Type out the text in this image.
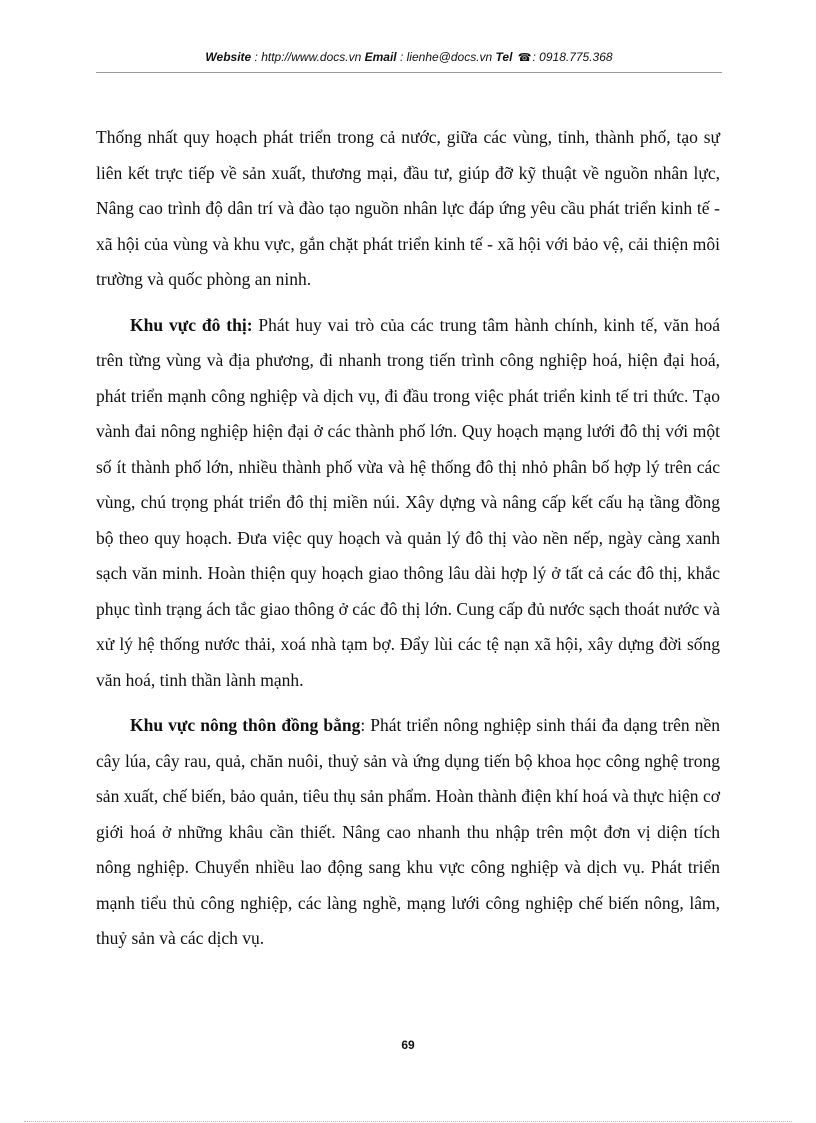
Website : http://www.docs.vn Email : lienhe@docs.vn Tel ☎: 0918.775.368

Thống nhất quy hoạch phát triển trong cả nước, giữa các vùng, tỉnh, thành phố, tạo sự liên kết trực tiếp về sản xuất, thương mại, đầu tư, giúp đỡ kỹ thuật về nguồn nhân lực, Nâng cao trình độ dân trí và đào tạo nguồn nhân lực đáp ứng yêu cầu phát triển kinh tế - xã hội của vùng và khu vực, gắn chặt phát triển kinh tế - xã hội với bảo vệ, cải thiện môi trường và quốc phòng an ninh.

Khu vực đô thị: Phát huy vai trò của các trung tâm hành chính, kinh tế, văn hoá trên từng vùng và địa phương, đi nhanh trong tiến trình công nghiệp hoá, hiện đại hoá, phát triển mạnh công nghiệp và dịch vụ, đi đầu trong việc phát triển kinh tế tri thức. Tạo vành đai nông nghiệp hiện đại ở các thành phố lớn. Quy hoạch mạng lưới đô thị với một số ít thành phố lớn, nhiều thành phố vừa và hệ thống đô thị nhỏ phân bố hợp lý trên các vùng, chú trọng phát triển đô thị miền núi. Xây dựng và nâng cấp kết cấu hạ tầng đồng bộ theo quy hoạch. Đưa việc quy hoạch và quản lý đô thị vào nền nếp, ngày càng xanh sạch văn minh. Hoàn thiện quy hoạch giao thông lâu dài hợp lý ở tất cả các đô thị, khắc phục tình trạng ách tắc giao thông ở các đô thị lớn. Cung cấp đủ nước sạch thoát nước và xử lý hệ thống nước thải, xoá nhà tạm bợ. Đẩy lùi các tệ nạn xã hội, xây dựng đời sống văn hoá, tinh thần lành mạnh.

Khu vực nông thôn đồng bằng: Phát triển nông nghiệp sinh thái đa dạng trên nền cây lúa, cây rau, quả, chăn nuôi, thuỷ sản và ứng dụng tiến bộ khoa học công nghệ trong sản xuất, chế biến, bảo quản, tiêu thụ sản phẩm. Hoàn thành điện khí hoá và thực hiện cơ giới hoá ở những khâu cần thiết. Nâng cao nhanh thu nhập trên một đơn vị diện tích nông nghiệp. Chuyển nhiều lao động sang khu vực công nghiệp và dịch vụ. Phát triển mạnh tiểu thủ công nghiệp, các làng nghề, mạng lưới công nghiệp chế biến nông, lâm, thuỷ sản và các dịch vụ.

69
